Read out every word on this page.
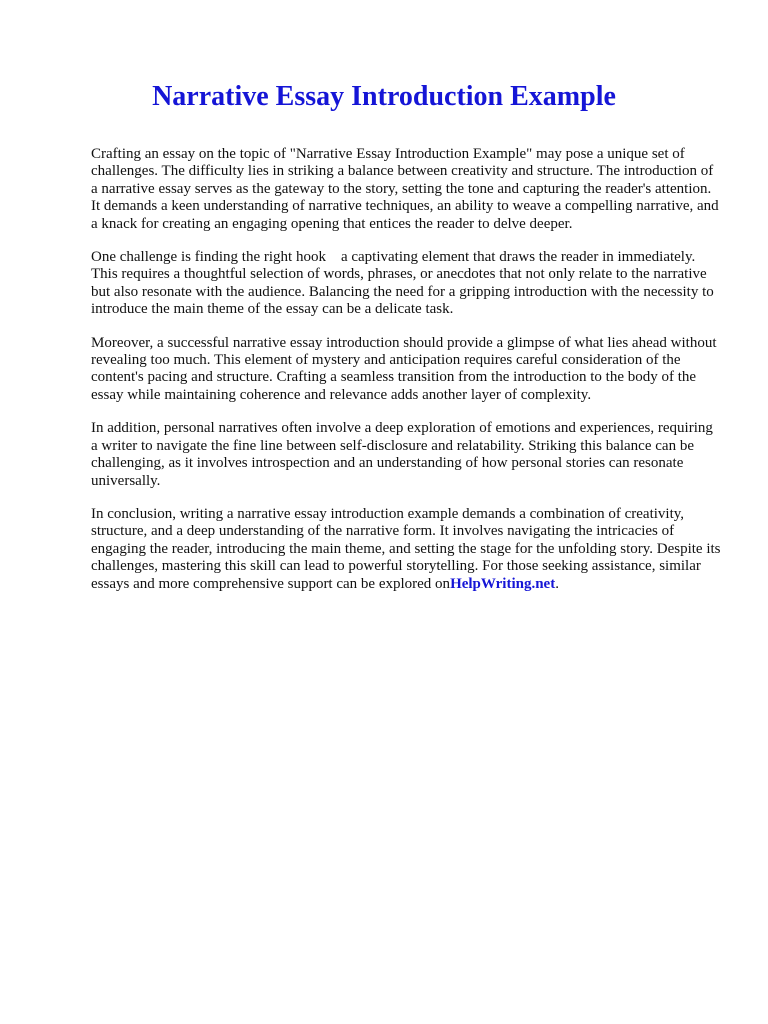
Narrative Essay Introduction Example

Crafting an essay on the topic of "Narrative Essay Introduction Example" may pose a unique set of challenges. The difficulty lies in striking a balance between creativity and structure. The introduction of a narrative essay serves as the gateway to the story, setting the tone and capturing the reader's attention. It demands a keen understanding of narrative techniques, an ability to weave a compelling narrative, and a knack for creating an engaging opening that entices the reader to delve deeper.

One challenge is finding the right hook    a captivating element that draws the reader in immediately. This requires a thoughtful selection of words, phrases, or anecdotes that not only relate to the narrative but also resonate with the audience. Balancing the need for a gripping introduction with the necessity to introduce the main theme of the essay can be a delicate task.

Moreover, a successful narrative essay introduction should provide a glimpse of what lies ahead without revealing too much. This element of mystery and anticipation requires careful consideration of the content's pacing and structure. Crafting a seamless transition from the introduction to the body of the essay while maintaining coherence and relevance adds another layer of complexity.

In addition, personal narratives often involve a deep exploration of emotions and experiences, requiring a writer to navigate the fine line between self-disclosure and relatability. Striking this balance can be challenging, as it involves introspection and an understanding of how personal stories can resonate universally.

In conclusion, writing a narrative essay introduction example demands a combination of creativity, structure, and a deep understanding of the narrative form. It involves navigating the intricacies of engaging the reader, introducing the main theme, and setting the stage for the unfolding story. Despite its challenges, mastering this skill can lead to powerful storytelling. For those seeking assistance, similar essays and more comprehensive support can be explored onHelpWriting.net.
